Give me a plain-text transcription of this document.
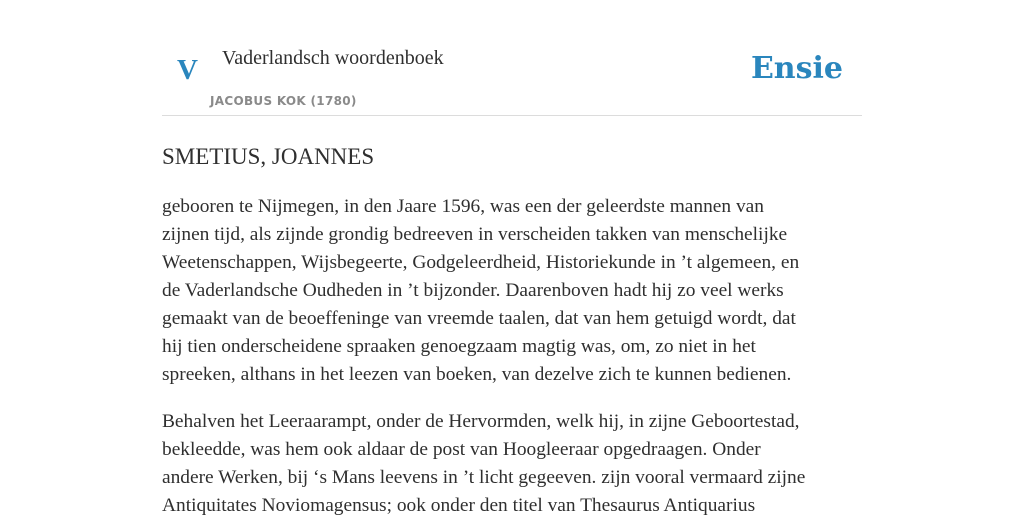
V Vaderlandsch woordenboek
JACOBUS KOK (1780)
Ensie
SMETIUS, JOANNES

gebooren te Nijmegen, in den Jaare 1596, was een der geleerdste mannen van
zijnen tijd, als zijnde grondig bedreeven in verscheiden takken van menschelijke
Weetenschappen, Wijsbegeerte, Godgeleerdheid, Historiekunde in ’t algemeen, en
de Vaderlandsche Oudheden in ’t bijzonder. Daarenboven hadt hij zo veel werks
gemaakt van de beoeffeninge van vreemde taalen, dat van hem getuigd wordt, dat
hij tien onderscheidene spraaken genoegzaam magtig was, om, zo niet in het
spreeken, althans in het leezen van boeken, van dezelve zich te kunnen bedienen.

Behalven het Leeraarampt, onder de Hervormden, welk hij, in zijne Geboortestad,
bekleedde, was hem ook aldaar de post van Hoogleeraar opgedraagen. Onder
andere Werken, bij ‘s Mans leevens in ’t licht gegeeven. zijn vooral vermaard zijne
Antiquitates Noviomagensus; ook onder den titel van Thesaurus Antiquarius
